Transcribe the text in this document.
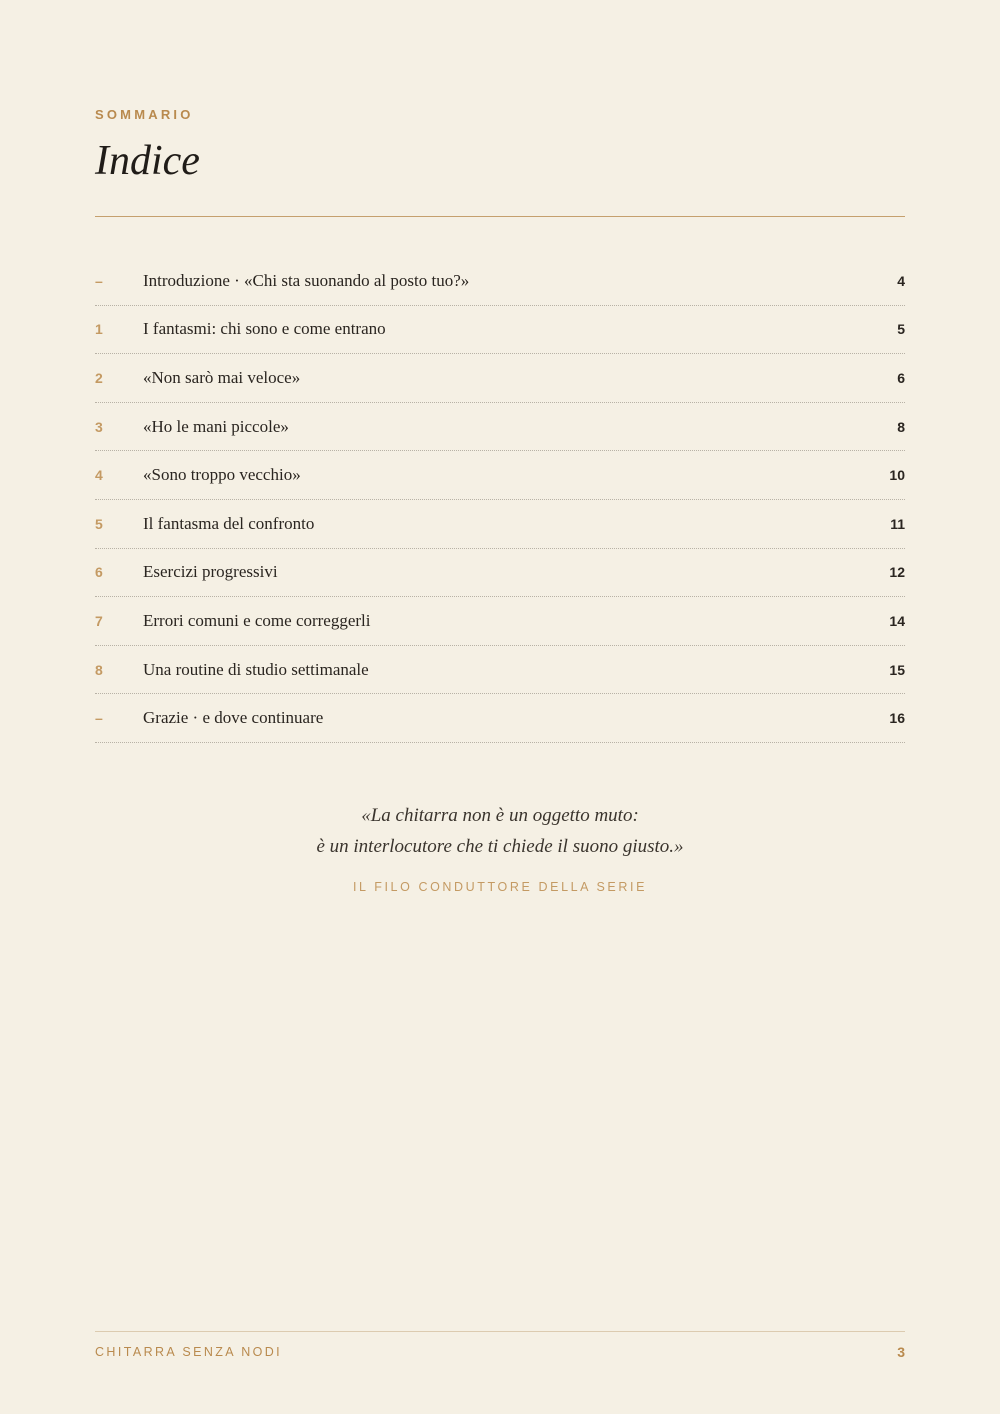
SOMMARIO
Indice
–	Introduzione · «Chi sta suonando al posto tuo?»	4
1	I fantasmi: chi sono e come entrano	5
2	«Non sarò mai veloce»	6
3	«Ho le mani piccole»	8
4	«Sono troppo vecchio»	10
5	Il fantasma del confronto	11
6	Esercizi progressivi	12
7	Errori comuni e come correggerli	14
8	Una routine di studio settimanale	15
–	Grazie · e dove continuare	16
«La chitarra non è un oggetto muto:
è un interlocutore che ti chiede il suono giusto.»
IL FILO CONDUTTORE DELLA SERIE
CHITARRA SENZA NODI	3
